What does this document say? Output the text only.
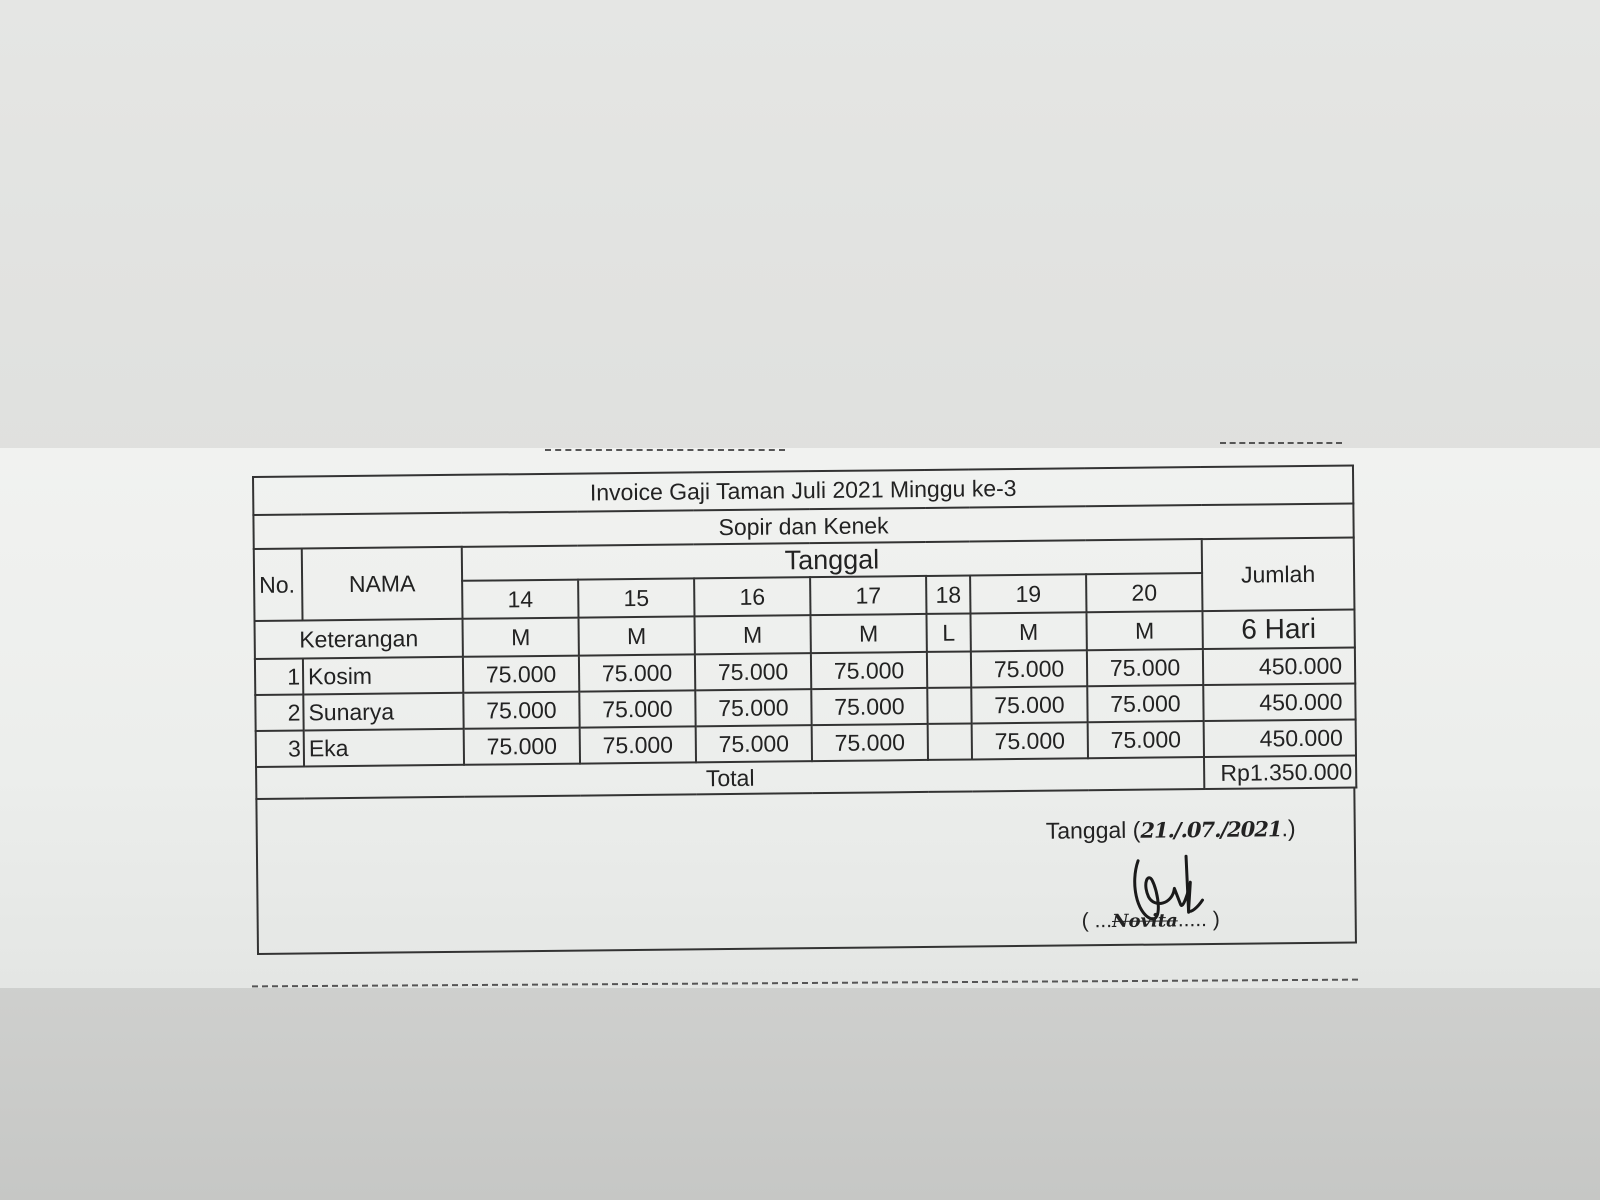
Invoice Gaji Taman Juli 2021 Minggu ke-3									
Sopir dan Kenek									
No.	NAMA	Tanggal							Jumlah
		14	15	16	17	18	19	20	
Keterangan		M	M	M	M	L	M	M	6 Hari
1	Kosim	75.000	75.000	75.000	75.000		75.000	75.000	450.000
2	Sunarya	75.000	75.000	75.000	75.000		75.000	75.000	450.000
3	Eka	75.000	75.000	75.000	75.000		75.000	75.000	450.000
Total									Rp1.350.000
Tanggal (21./.07./2021.)
( ...Novita..... )
